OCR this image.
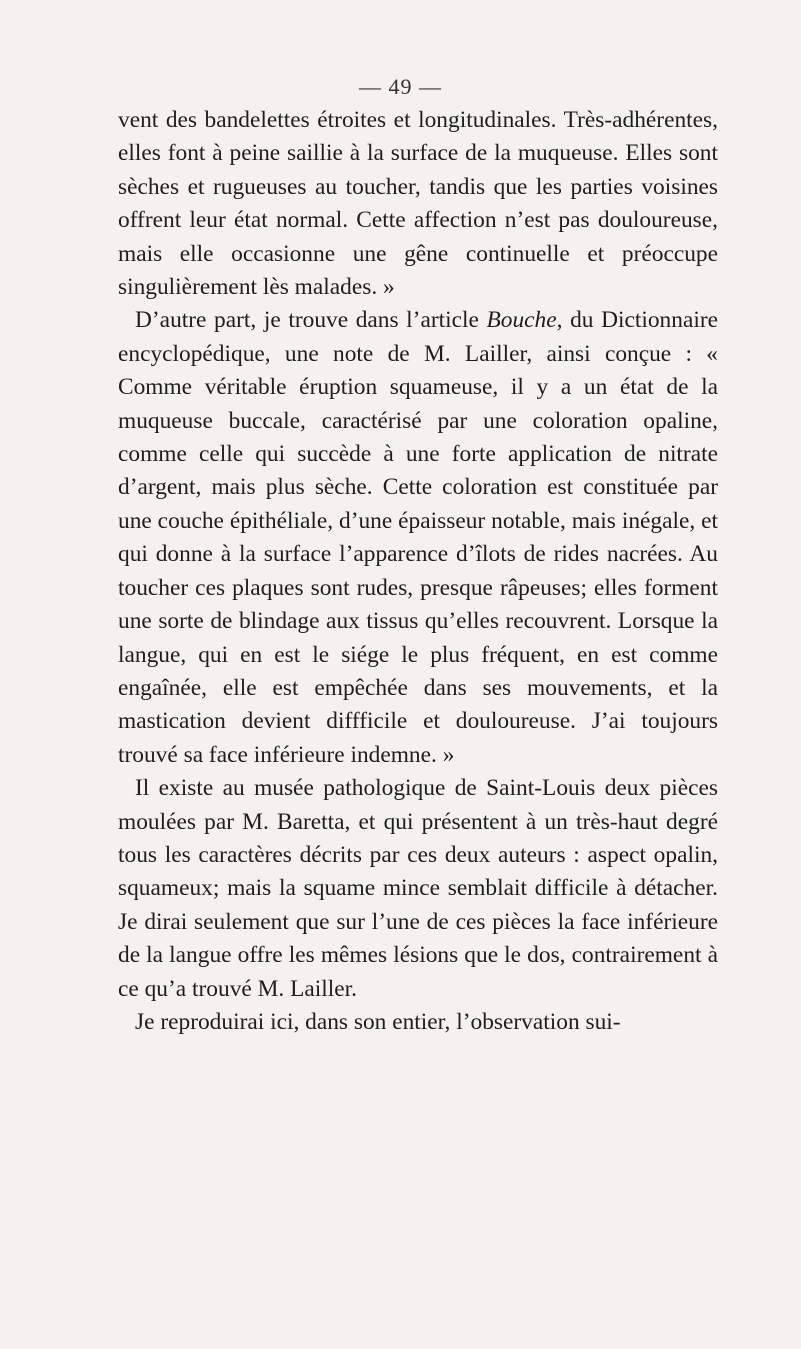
— 49 —

vent des bandelettes étroites et longitudinales. Très-adhérentes, elles font à peine saillie à la surface de la muqueuse. Elles sont sèches et rugueuses au toucher, tandis que les parties voisines offrent leur état normal. Cette affection n’est pas douloureuse, mais elle occasionne une gêne continuelle et préoccupe singulièrement lès malades. »

D’autre part, je trouve dans l’article Bouche, du Dictionnaire encyclopédique, une note de M. Lailler, ainsi conçue : « Comme véritable éruption squameuse, il y a un état de la muqueuse buccale, caractérisé par une coloration opaline, comme celle qui succède à une forte application de nitrate d’argent, mais plus sèche. Cette coloration est constituée par une couche épithéliale, d’une épaisseur notable, mais inégale, et qui donne à la surface l’apparence d’îlots de rides nacrées. Au toucher ces plaques sont rudes, presque râpeuses; elles forment une sorte de blindage aux tissus qu’elles recouvrent. Lorsque la langue, qui en est le siége le plus fréquent, en est comme engaînée, elle est empêchée dans ses mouvements, et la mastication devient diffficile et douloureuse. J’ai toujours trouvé sa face inférieure indemne. »

Il existe au musée pathologique de Saint-Louis deux pièces moulées par M. Baretta, et qui présentent à un très-haut degré tous les caractères décrits par ces deux auteurs : aspect opalin, squameux; mais la squame mince semblait difficile à détacher. Je dirai seulement que sur l’une de ces pièces la face inférieure de la langue offre les mêmes lésions que le dos, contrairement à ce qu’a trouvé M. Lailler.

Je reproduirai ici, dans son entier, l’observation sui-
